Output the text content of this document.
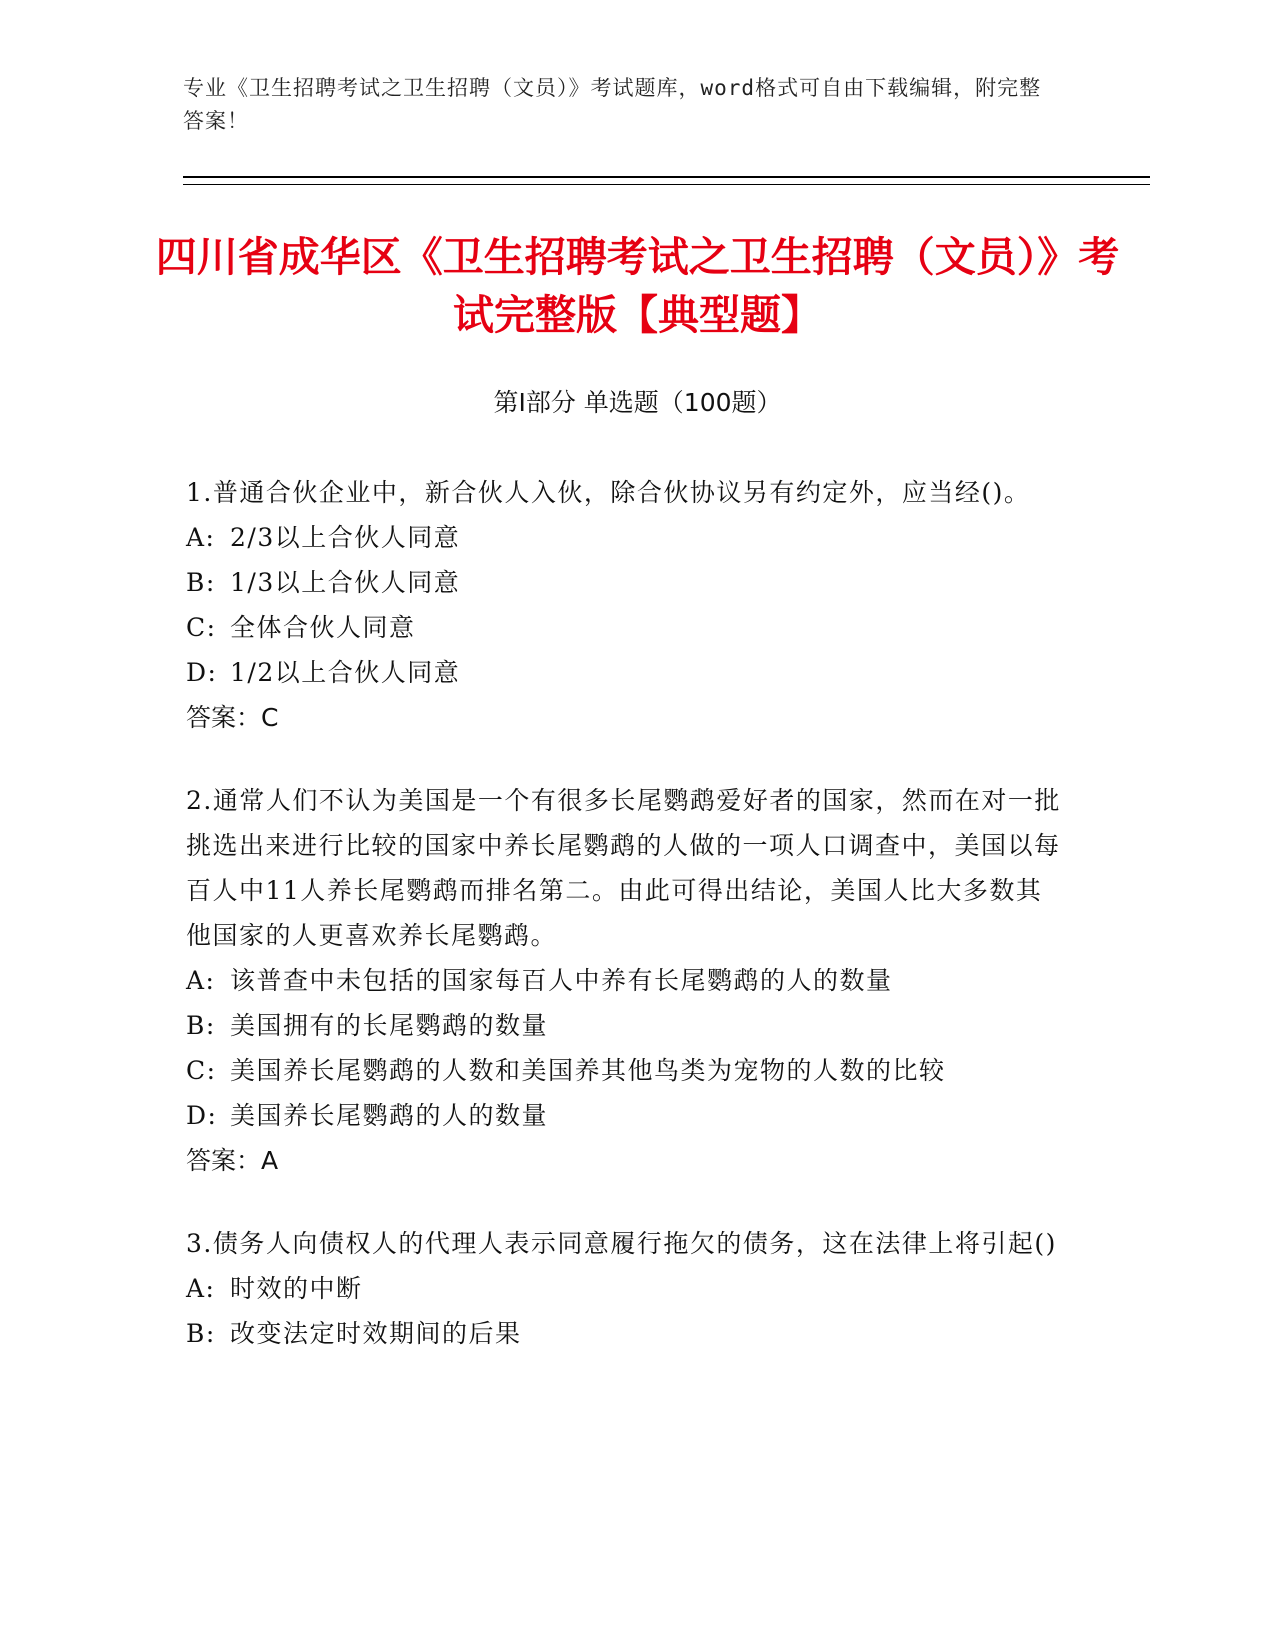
专业《卫生招聘考试之卫生招聘（文员）》考试题库，word格式可自由下载编辑，附完整答案！
四川省成华区《卫生招聘考试之卫生招聘（文员）》考试完整版【典型题】
第Ⅰ部分 单选题（100题）

1.普通合伙企业中，新合伙人入伙，除合伙协议另有约定外，应当经()。

A: 2/3以上合伙人同意

B: 1/3以上合伙人同意

C: 全体合伙人同意

D: 1/2以上合伙人同意

答案：C

2.通常人们不认为美国是一个有很多长尾鹦鹉爱好者的国家，然而在对一批挑选出来进行比较的国家中养长尾鹦鹉的人做的一项人口调查中，美国以每百人中11人养长尾鹦鹉而排名第二。由此可得出结论，美国人比大多数其他国家的人更喜欢养长尾鹦鹉。

A: 该普查中未包括的国家每百人中养有长尾鹦鹉的人的数量

B: 美国拥有的长尾鹦鹉的数量

C: 美国养长尾鹦鹉的人数和美国养其他鸟类为宠物的人数的比较

D: 美国养长尾鹦鹉的人的数量

答案：A

3.债务人向债权人的代理人表示同意履行拖欠的债务，这在法律上将引起()

A: 时效的中断

B: 改变法定时效期间的后果
